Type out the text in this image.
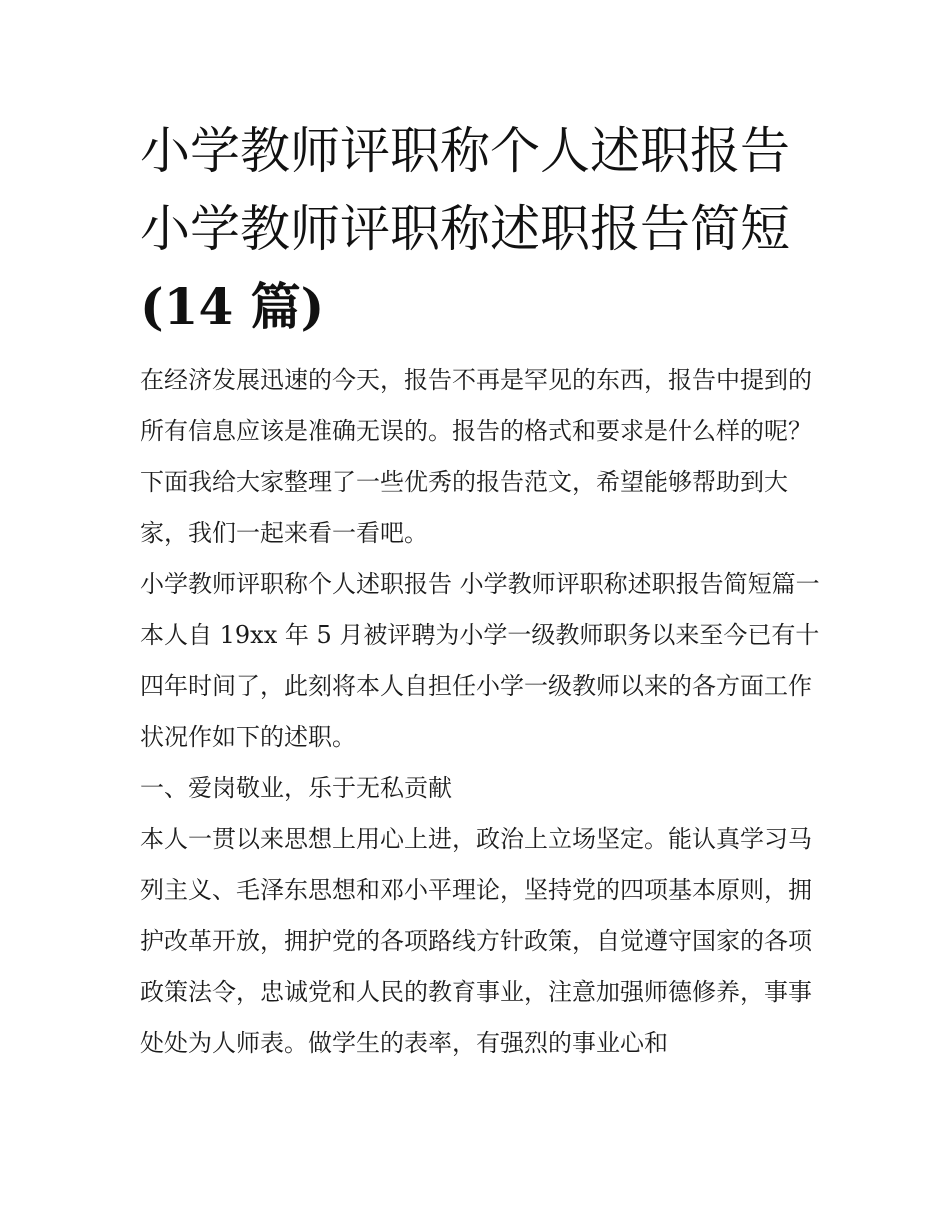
小学教师评职称个人述职报告
小学教师评职称述职报告简短
(14 篇)

在经济发展迅速的今天，报告不再是罕见的东西，报告中提到的所有信息应该是准确无误的。报告的格式和要求是什么样的呢？下面我给大家整理了一些优秀的报告范文，希望能够帮助到大家，我们一起来看一看吧。

小学教师评职称个人述职报告 小学教师评职称述职报告简短篇一

本人自 19xx 年 5 月被评聘为小学一级教师职务以来至今已有十四年时间了，此刻将本人自担任小学一级教师以来的各方面工作状况作如下的述职。

一、爱岗敬业，乐于无私贡献

本人一贯以来思想上用心上进，政治上立场坚定。能认真学习马列主义、毛泽东思想和邓小平理论，坚持党的四项基本原则，拥护改革开放，拥护党的各项路线方针政策，自觉遵守国家的各项政策法令，忠诚党和人民的教育事业，注意加强师德修养，事事处处为人师表。做学生的表率，有强烈的事业心和
